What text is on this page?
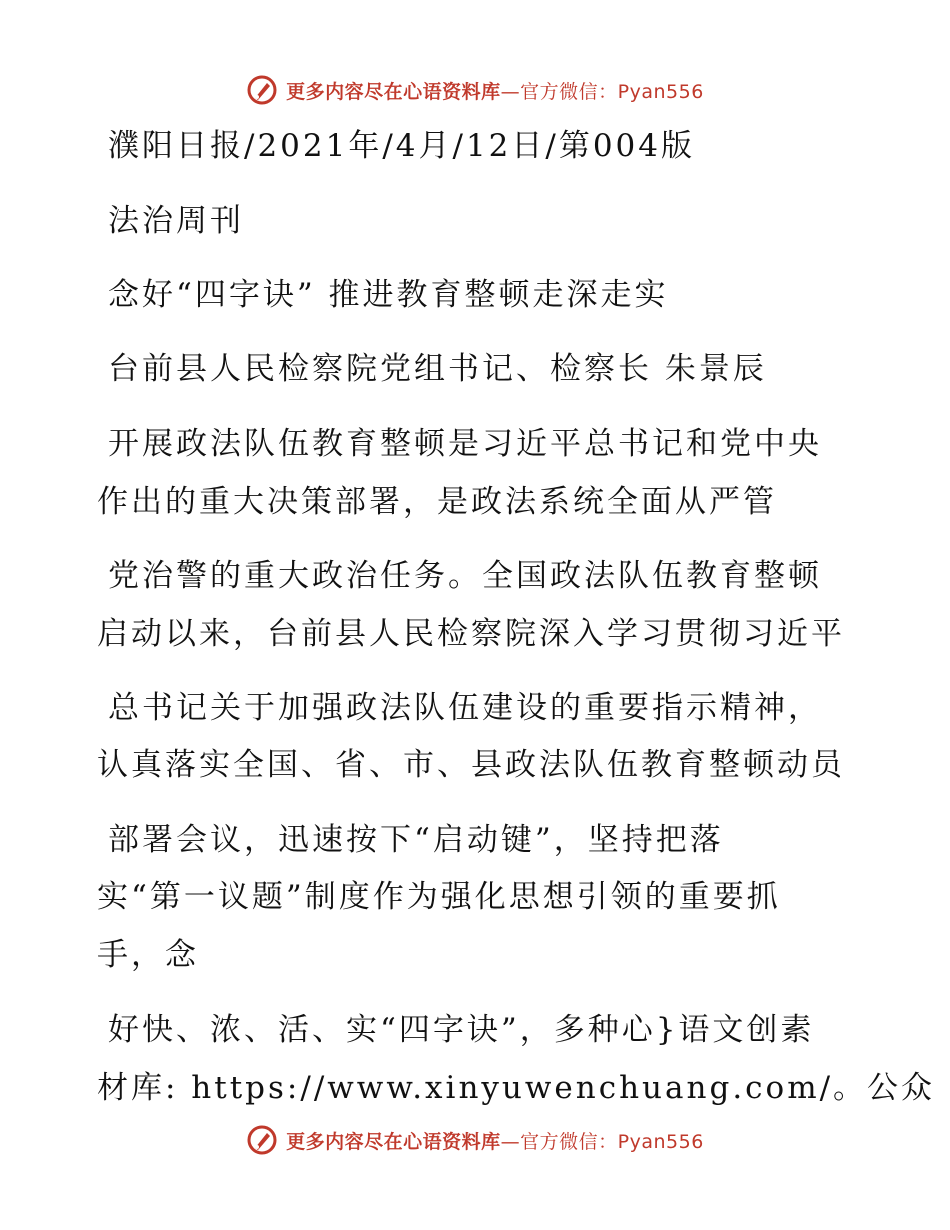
更多内容尽在心语资料库—官方微信：Pyan556
濮阳日报/2021年/4月/12日/第004版
法治周刊
念好“四字诀” 推进教育整顿走深走实
台前县人民检察院党组书记、检察长 朱景辰
开展政法队伍教育整顿是习近平总书记和党中央
作出的重大决策部署，是政法系统全面从严管
党治警的重大政治任务。全国政法队伍教育整顿
启动以来，台前县人民检察院深入学习贯彻习近平
总书记关于加强政法队伍建设的重要指示精神，
认真落实全国、省、市、县政法队伍教育整顿动员
部署会议，迅速按下“启动键”，坚持把落
实“第一议题”制度作为强化思想引领的重要抓
手，念
好快、浓、活、实“四字诀”，多种心}语文创素
材库: https://www.xinyuwenchuang.com/。公众
更多内容尽在心语资料库—官方微信：Pyan556
